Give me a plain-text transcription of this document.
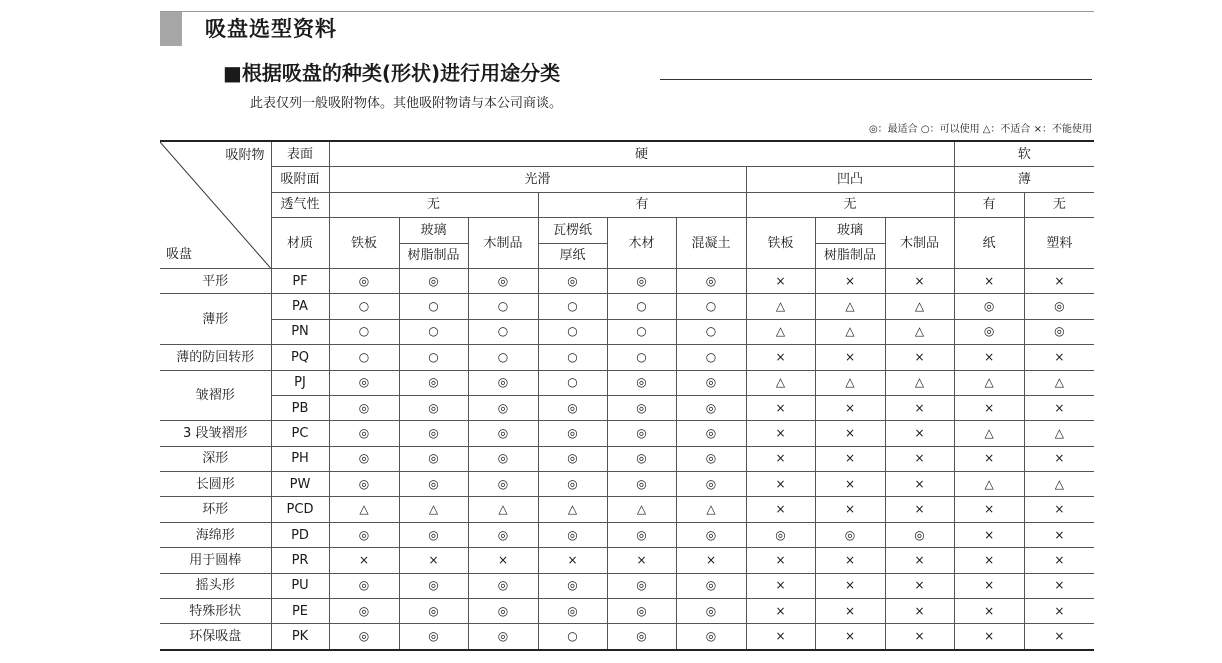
吸盘选型资料
■根据吸盘的种类(形状)进行用途分类
此表仅列一般吸附物体。其他吸附物请与本公司商谈。
◎：最适合 ○：可以使用 △：不适合 ×：不能使用
吸附物
吸盘	表面	硬									软	
	吸附面	光滑						凹凸			薄	
	透气性	无			有			无			有	无
	材质	铁板	玻璃	木制品	瓦楞纸	木材	混凝土	铁板	玻璃	木制品	纸	塑料
			树脂制品		厚纸				树脂制品			
平形	PF	◎	◎	◎	◎	◎	◎	×	×	×	×	×
薄形	PA	○	○	○	○	○	○	△	△	△	◎	◎
	PN	○	○	○	○	○	○	△	△	△	◎	◎
薄的防回转形	PQ	○	○	○	○	○	○	×	×	×	×	×
皱褶形	PJ	◎	◎	◎	○	◎	◎	△	△	△	△	△
	PB	◎	◎	◎	◎	◎	◎	×	×	×	×	×
3 段皱褶形	PC	◎	◎	◎	◎	◎	◎	×	×	×	△	△
深形	PH	◎	◎	◎	◎	◎	◎	×	×	×	×	×
长圆形	PW	◎	◎	◎	◎	◎	◎	×	×	×	△	△
环形	PCD	△	△	△	△	△	△	×	×	×	×	×
海绵形	PD	◎	◎	◎	◎	◎	◎	◎	◎	◎	×	×
用于圆棒	PR	×	×	×	×	×	×	×	×	×	×	×
摇头形	PU	◎	◎	◎	◎	◎	◎	×	×	×	×	×
特殊形状	PE	◎	◎	◎	◎	◎	◎	×	×	×	×	×
环保吸盘	PK	◎	◎	◎	○	◎	◎	×	×	×	×	×
